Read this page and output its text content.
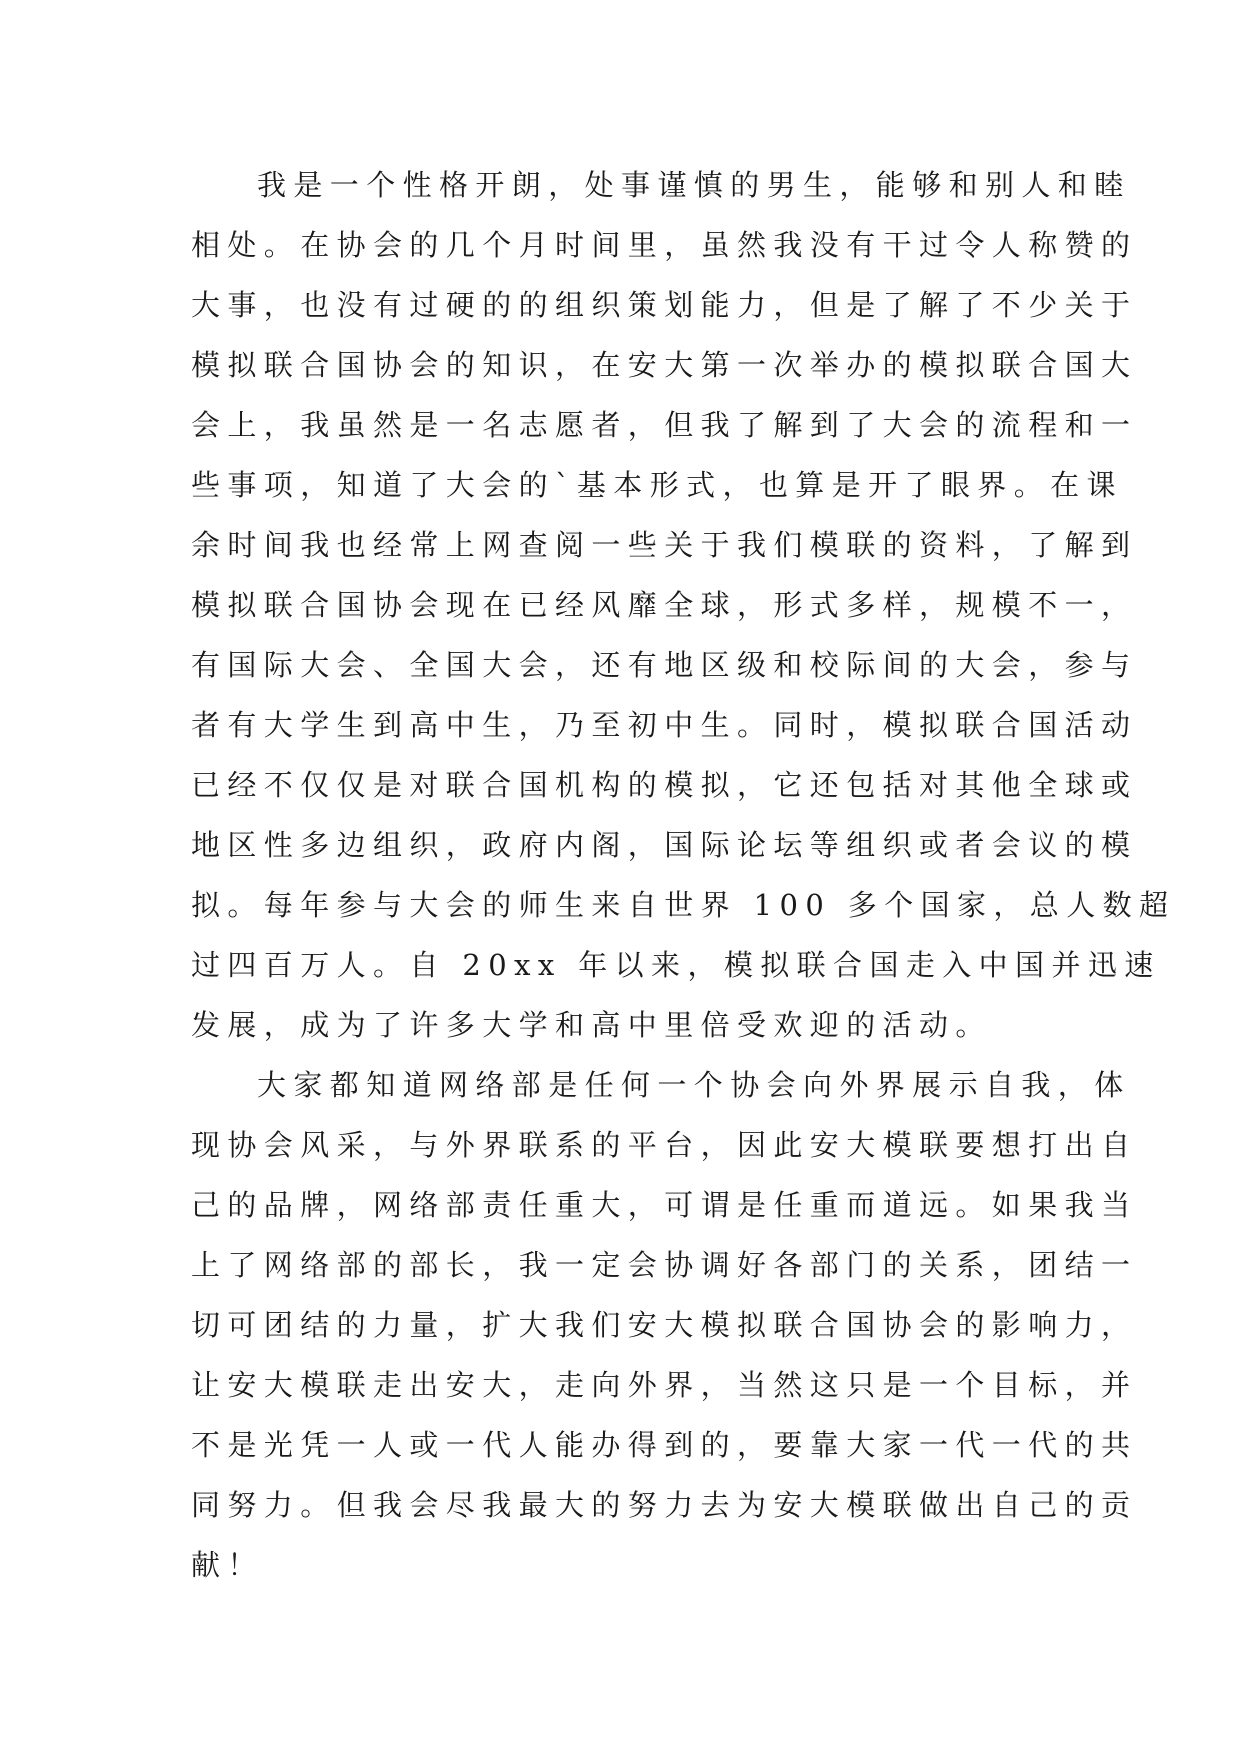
我是一个性格开朗，处事谨慎的男生，能够和别人和睦
相处。在协会的几个月时间里，虽然我没有干过令人称赞的
大事，也没有过硬的的组织策划能力，但是了解了不少关于
模拟联合国协会的知识，在安大第一次举办的模拟联合国大
会上，我虽然是一名志愿者，但我了解到了大会的流程和一
些事项，知道了大会的`基本形式，也算是开了眼界。在课
余时间我也经常上网查阅一些关于我们模联的资料，了解到
模拟联合国协会现在已经风靡全球，形式多样，规模不一，
有国际大会、全国大会，还有地区级和校际间的大会，参与
者有大学生到高中生，乃至初中生。同时，模拟联合国活动
已经不仅仅是对联合国机构的模拟，它还包括对其他全球或
地区性多边组织，政府内阁，国际论坛等组织或者会议的模
拟。每年参与大会的师生来自世界 100 多个国家，总人数超
过四百万人。自 20xx 年以来，模拟联合国走入中国并迅速
发展，成为了许多大学和高中里倍受欢迎的活动。
大家都知道网络部是任何一个协会向外界展示自我，体
现协会风采，与外界联系的平台，因此安大模联要想打出自
己的品牌，网络部责任重大，可谓是任重而道远。如果我当
上了网络部的部长，我一定会协调好各部门的关系，团结一
切可团结的力量，扩大我们安大模拟联合国协会的影响力，
让安大模联走出安大，走向外界，当然这只是一个目标，并
不是光凭一人或一代人能办得到的，要靠大家一代一代的共
同努力。但我会尽我最大的努力去为安大模联做出自己的贡
献！
